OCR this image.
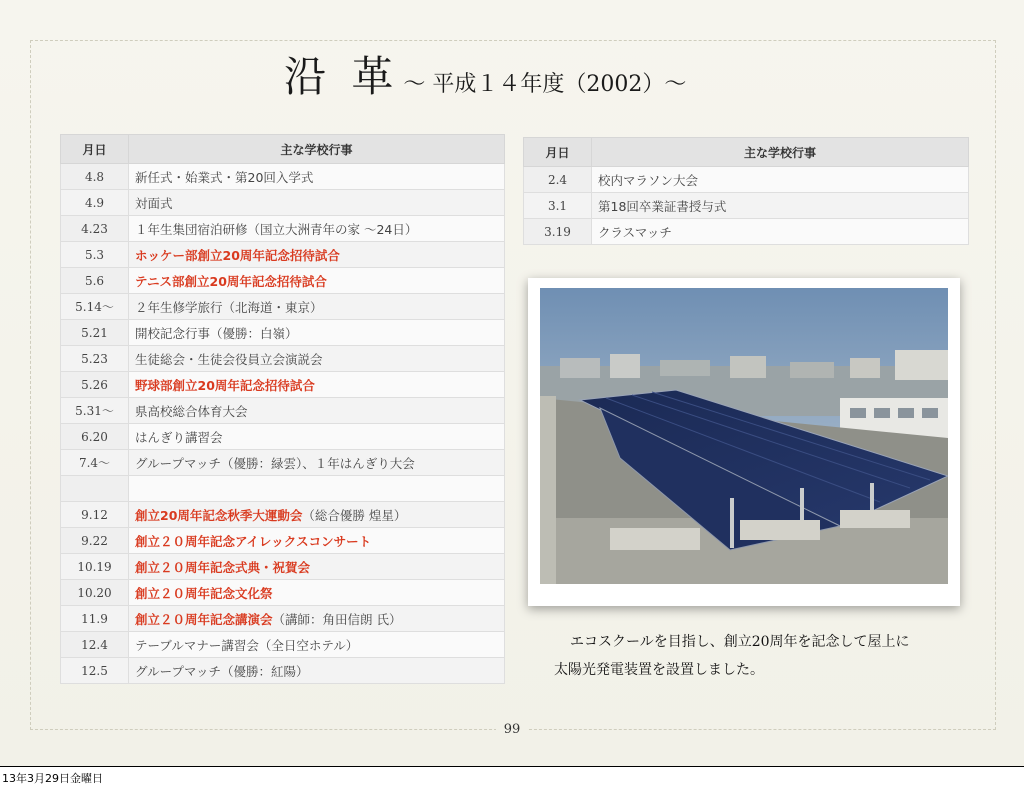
沿 革 〜 平成１４年度（2002）〜
月日	主な学校行事
4.8	新任式・始業式・第20回入学式
4.9	対面式
4.23	１年生集団宿泊研修（国立大洲青年の家 〜24日）
5.3	ホッケー部創立20周年記念招待試合
5.6	テニス部創立20周年記念招待試合
5.14〜	２年生修学旅行（北海道・東京）
5.21	開校記念行事（優勝：白嶺）
5.23	生徒総会・生徒会役員立会演説会
5.26	野球部創立20周年記念招待試合
5.31〜	県高校総合体育大会
6.20	はんぎり講習会
7.4〜	グループマッチ（優勝：緑雲）、１年はんぎり大会

9.12	創立20周年記念秋季大運動会（総合優勝 煌星）
9.22	創立２０周年記念アイレックスコンサート
10.19	創立２０周年記念式典・祝賀会
10.20	創立２０周年記念文化祭
11.9	創立２０周年記念講演会（講師：角田信朗 氏）
12.4	テーブルマナー講習会（全日空ホテル）
12.5	グループマッチ（優勝：紅陽）
月日	主な学校行事
2.4	校内マラソン大会
3.1	第18回卒業証書授与式
3.19	クラスマッチ
エコスクールを目指し、創立20周年を記念して屋上に
太陽光発電装置を設置しました。
99
13年3月29日金曜日
